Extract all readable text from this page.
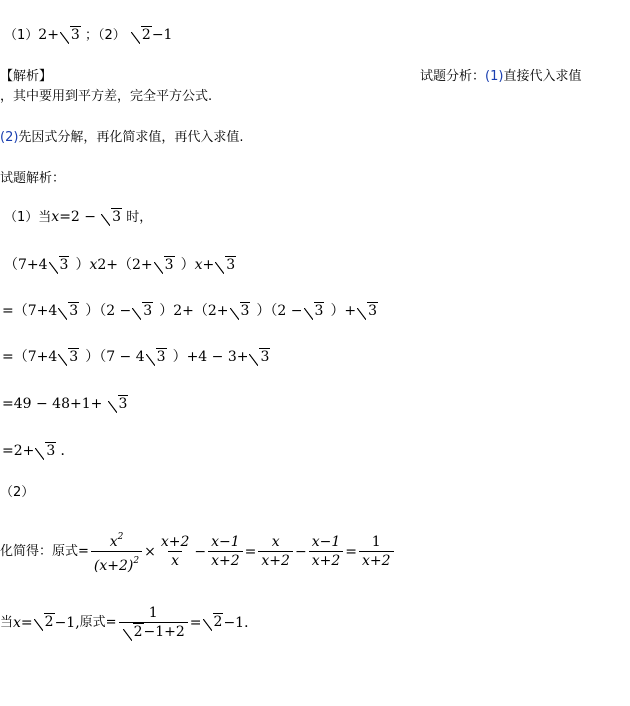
（1）2+ 3 ；（2） 2−1
【解析】	试题分析：(1)直接代入求值
，其中要用到平方差，完全平方公式.
(2)先因式分解，再化简求值，再代入求值.
试题解析：
（1）当x=2 − 3 时，
（7+4 3 ）x2+（2+ 3 ）x+ 3
=（7+4 3 ）（2 − 3 ）2+（2+ 3 ）（2 − 3 ）+ 3
=（7+4 3 ）（7 − 4 3 ）+4 − 3+ 3
=49 − 48+1+ 3
=2+ 3 ．
（2）
化简得：原式= $\frac{x^2}{(x+2)^2} \times \frac{x+2}{x} - \frac{x-1}{x+2} = \frac{x}{x+2} - \frac{x-1}{x+2} = \frac{1}{x+2}$
当 x = 2 −1, 原式= $\frac{1}{2-1+2} = 2 -1$．
